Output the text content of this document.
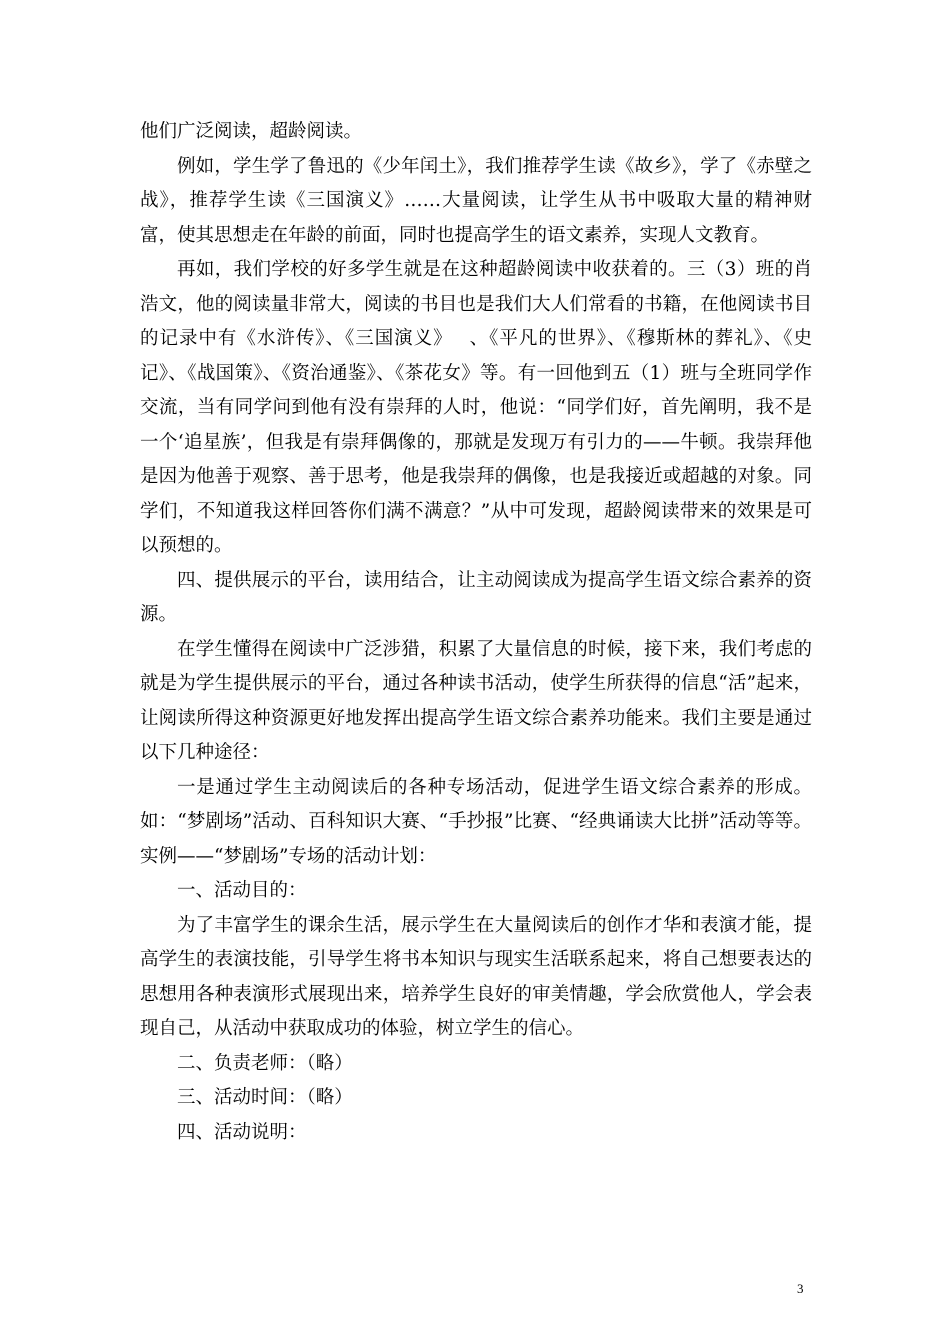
他们广泛阅读，超龄阅读。

例如，学生学了鲁迅的《少年闰土》，我们推荐学生读《故乡》，学了《赤壁之战》，推荐学生读《三国演义》……大量阅读，让学生从书中吸取大量的精神财富，使其思想走在年龄的前面，同时也提高学生的语文素养，实现人文教育。

再如，我们学校的好多学生就是在这种超龄阅读中收获着的。三（3）班的肖浩文，他的阅读量非常大，阅读的书目也是我们大人们常看的书籍，在他阅读书目的记录中有《水浒传》、《三国演义》　 、《平凡的世界》、《穆斯林的葬礼》、《史记》、《战国策》、《资治通鉴》、《茶花女》等。有一回他到五（1）班与全班同学作交流，当有同学问到他有没有崇拜的人时，他说：“同学们好，首先阐明，我不是一个‘追星族’，但我是有崇拜偶像的，那就是发现万有引力的——牛顿。我崇拜他是因为他善于观察、善于思考，他是我崇拜的偶像，也是我接近或超越的对象。同学们，不知道我这样回答你们满不满意？”从中可发现，超龄阅读带来的效果是可以预想的。

四、提供展示的平台，读用结合，让主动阅读成为提高学生语文综合素养的资源。

在学生懂得在阅读中广泛涉猎，积累了大量信息的时候，接下来，我们考虑的就是为学生提供展示的平台，通过各种读书活动，使学生所获得的信息“活”起来，让阅读所得这种资源更好地发挥出提高学生语文综合素养功能来。我们主要是通过以下几种途径：

一是通过学生主动阅读后的各种专场活动，促进学生语文综合素养的形成。如：“梦剧场”活动、百科知识大赛、“手抄报”比赛、“经典诵读大比拼”活动等等。实例——“梦剧场”专场的活动计划：

一、活动目的：

为了丰富学生的课余生活，展示学生在大量阅读后的创作才华和表演才能，提高学生的表演技能，引导学生将书本知识与现实生活联系起来，将自己想要表达的思想用各种表演形式展现出来，培养学生良好的审美情趣，学会欣赏他人，学会表现自己，从活动中获取成功的体验，树立学生的信心。

二、负责老师：（略）

三、活动时间：（略）

四、活动说明：

3
